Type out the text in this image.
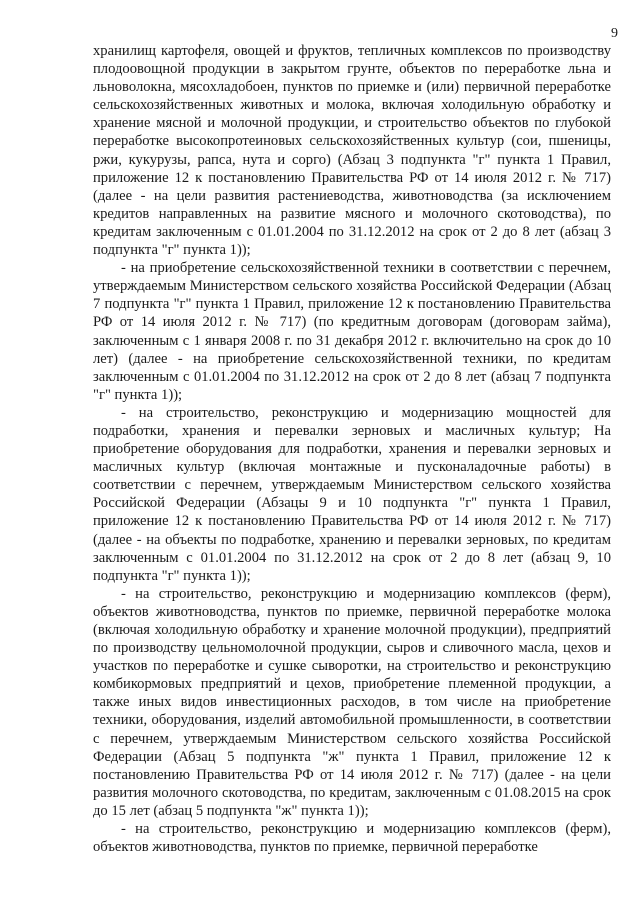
9

хранилищ картофеля, овощей и фруктов, тепличных комплексов по производству плодоовощной продукции в закрытом грунте, объектов по переработке льна и льноволокна, мясохладобоен, пунктов по приемке и (или) первичной переработке сельскохозяйственных животных и молока, включая холодильную обработку и хранение мясной и молочной продукции, и строительство объектов по глубокой переработке высокопротеиновых сельскохозяйственных культур (сои, пшеницы, ржи, кукурузы, рапса, нута и сорго) (Абзац 3 подпункта "г" пункта 1 Правил, приложение 12 к постановлению Правительства РФ от 14 июля 2012 г. № 717) (далее - на цели развития растениеводства, животноводства (за исключением кредитов направленных на развитие мясного и молочного скотоводства), по кредитам заключенным с 01.01.2004 по 31.12.2012 на срок от 2 до 8 лет (абзац 3 подпункта "г" пункта 1));

- на приобретение сельскохозяйственной техники в соответствии с перечнем, утверждаемым Министерством сельского хозяйства Российской Федерации (Абзац 7 подпункта "г" пункта 1 Правил, приложение 12 к постановлению Правительства РФ от 14 июля 2012 г. № 717) (по кредитным договорам (договорам займа), заключенным с 1 января 2008 г. по 31 декабря 2012 г. включительно на срок до 10 лет) (далее - на приобретение сельскохозяйственной техники, по кредитам заключенным с 01.01.2004 по 31.12.2012 на срок от 2 до 8 лет (абзац 7 подпункта "г" пункта 1));

- на строительство, реконструкцию и модернизацию мощностей для подработки, хранения и перевалки зерновых и масличных культур; На приобретение оборудования для подработки, хранения и перевалки зерновых и масличных культур (включая монтажные и пусконаладочные работы) в соответствии с перечнем, утверждаемым Министерством сельского хозяйства Российской Федерации (Абзацы 9 и 10 подпункта "г" пункта 1 Правил, приложение 12 к постановлению Правительства РФ от 14 июля 2012 г. № 717) (далее - на объекты по подработке, хранению и перевалки зерновых, по кредитам заключенным с 01.01.2004 по 31.12.2012 на срок от 2 до 8 лет (абзац 9, 10 подпункта "г" пункта 1));

- на строительство, реконструкцию и модернизацию комплексов (ферм), объектов животноводства, пунктов по приемке, первичной переработке молока (включая холодильную обработку и хранение молочной продукции), предприятий по производству цельномолочной продукции, сыров и сливочного масла, цехов и участков по переработке и сушке сыворотки, на строительство и реконструкцию комбикормовых предприятий и цехов, приобретение племенной продукции, а также иных видов инвестиционных расходов, в том числе на приобретение техники, оборудования, изделий автомобильной промышленности, в соответствии с перечнем, утверждаемым Министерством сельского хозяйства Российской Федерации (Абзац 5 подпункта "ж" пункта 1 Правил, приложение 12 к постановлению Правительства РФ от 14 июля 2012 г. № 717) (далее - на цели развития молочного скотоводства, по кредитам, заключенным с 01.08.2015 на срок до 15 лет (абзац 5 подпункта "ж" пункта 1));

- на строительство, реконструкцию и модернизацию комплексов (ферм), объектов животноводства, пунктов по приемке, первичной переработке
